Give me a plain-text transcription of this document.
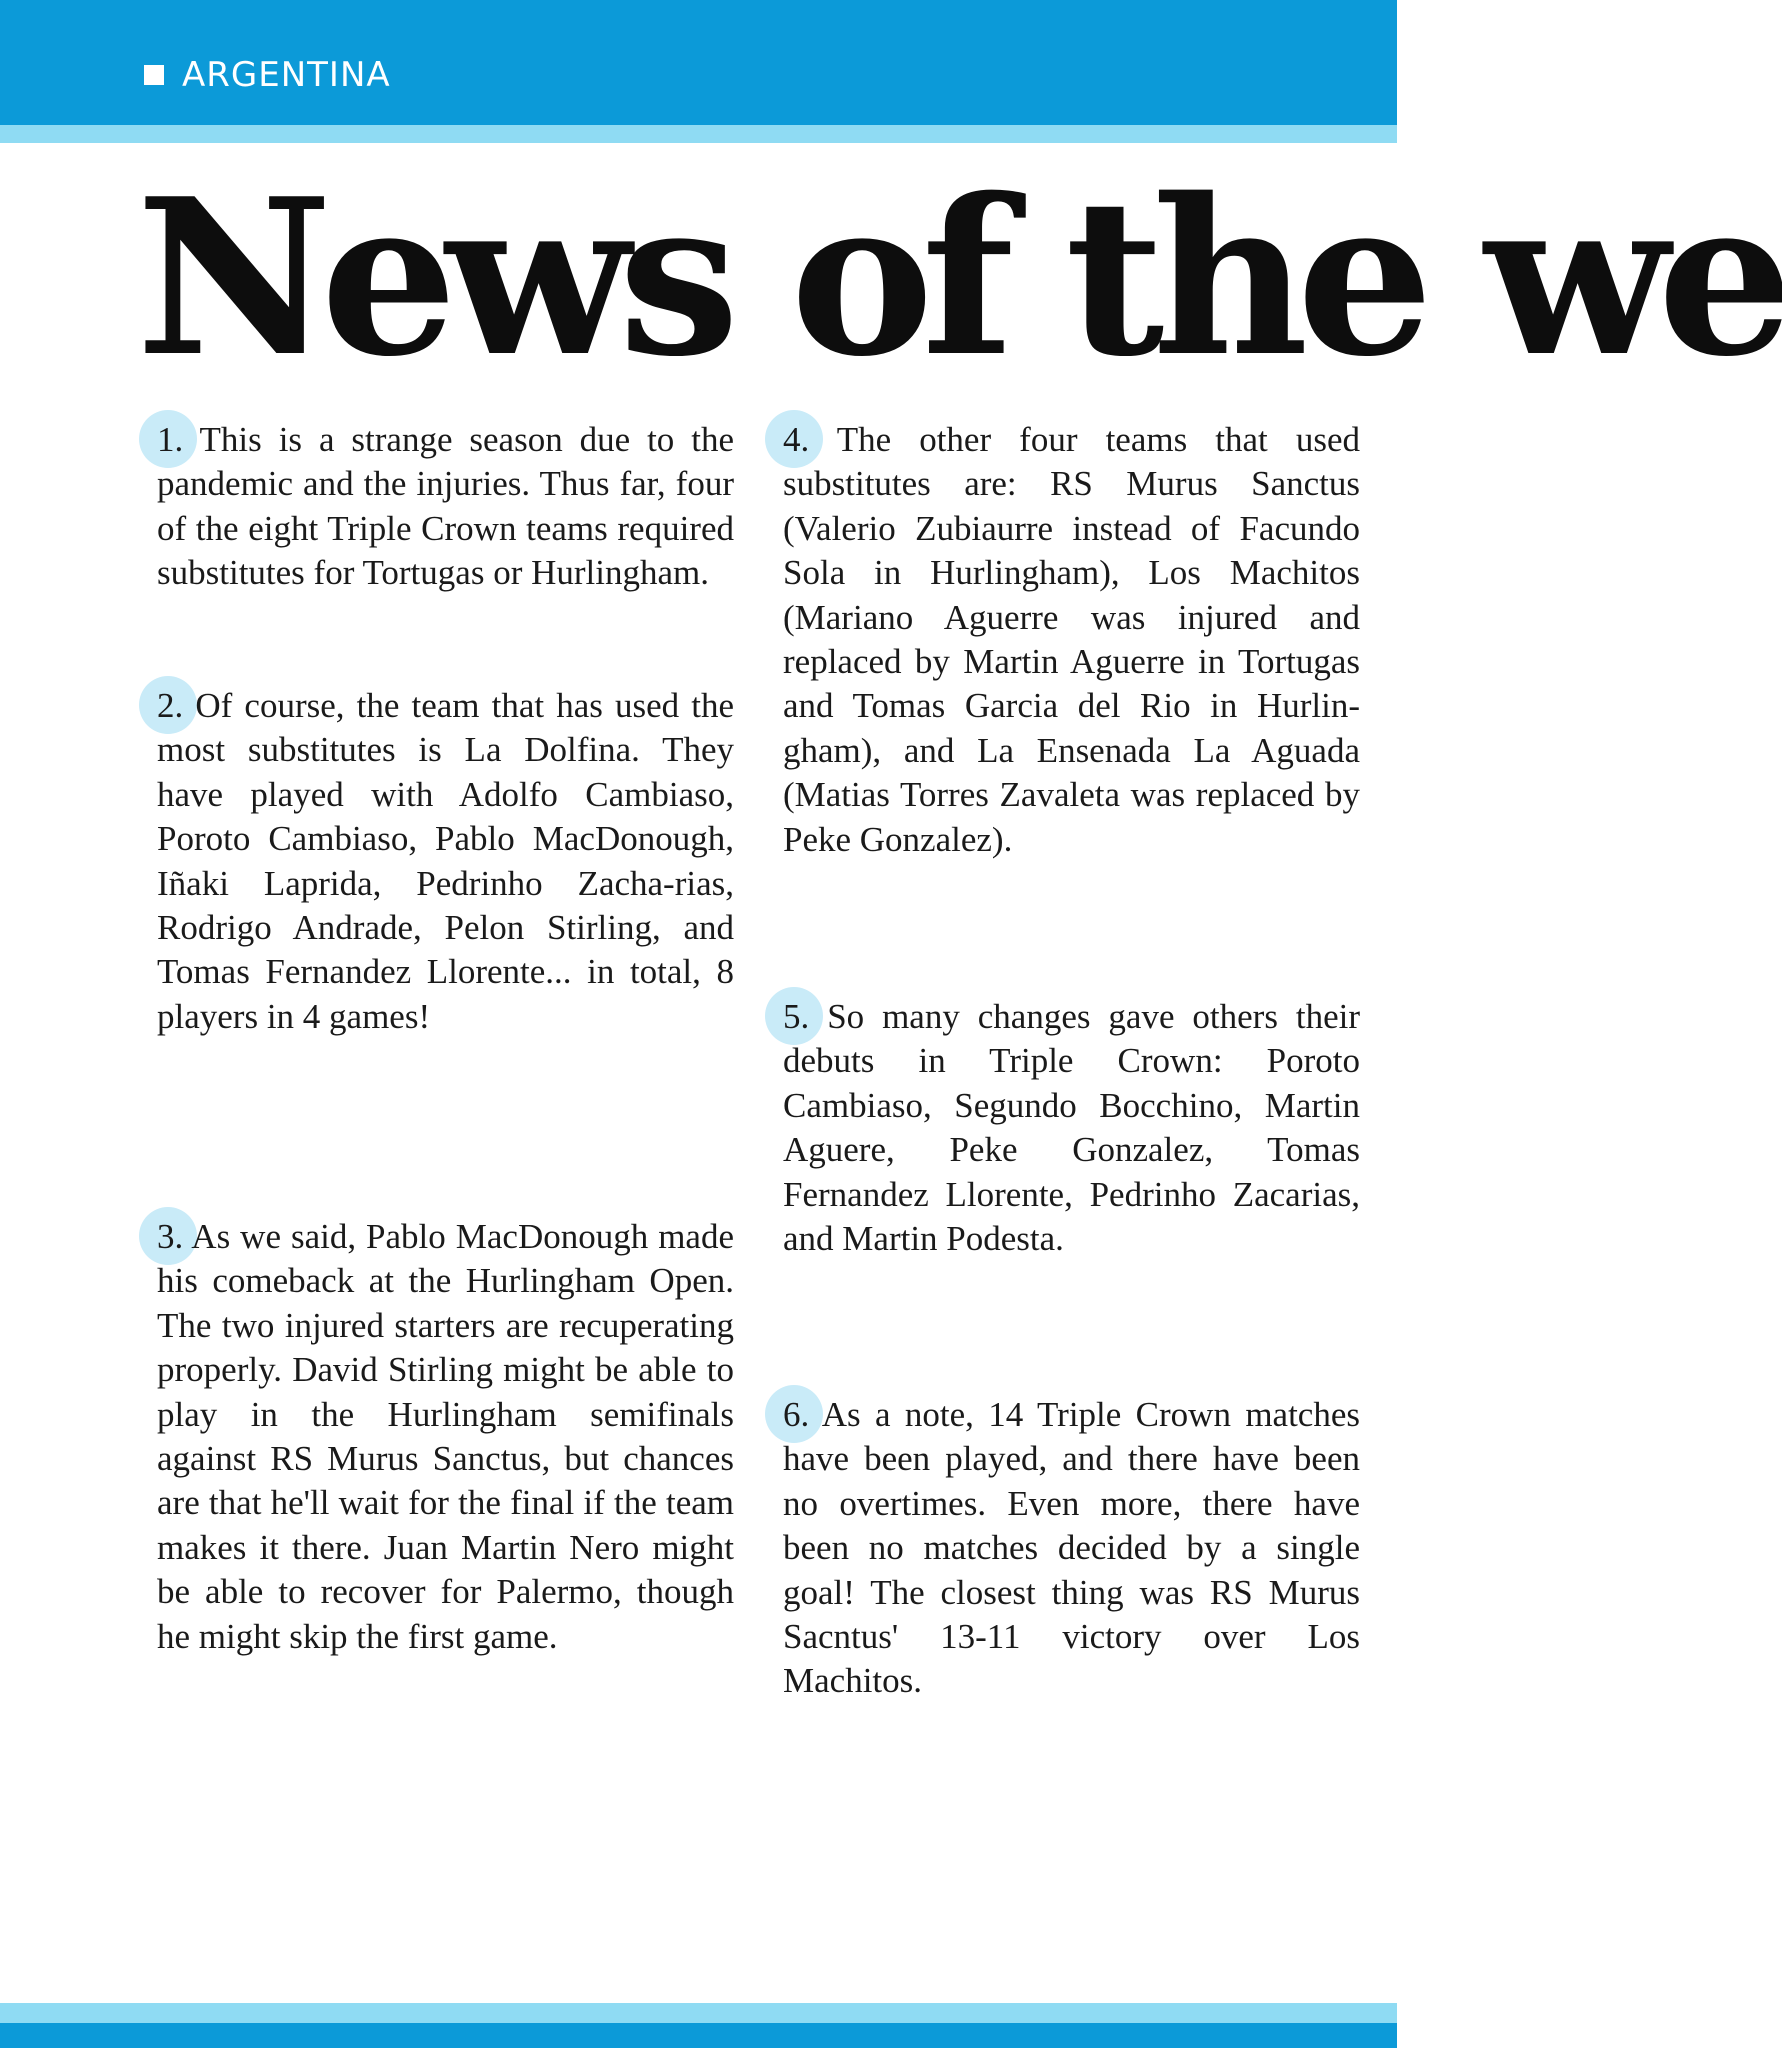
ARGENTINA
News of the we
1. This is a strange season due to the pandemic and the injuries. Thus far, four of the eight Triple Crown teams required substitutes for Tortugas or Hurlingham.
2. Of course, the team that has used the most substitutes is La Dolfina. They have played with Adolfo Cambiaso, Poroto Cambiaso, Pablo MacDonough, Iñaki Laprida, Pedrinho Zacha-rias, Rodrigo Andrade, Pelon Stirling, and Tomas Fernandez Llorente... in total, 8 players in 4 games!
3. As we said, Pablo MacDonough made his comeback at the Hurlingham Open. The two injured starters are recuperating properly. David Stirling might be able to play in the Hurlingham semifinals against RS Murus Sanctus, but chances are that he'll wait for the final if the team makes it there. Juan Martin Nero might be able to recover for Palermo, though he might skip the first game.
4. The other four teams that used substitutes are: RS Murus Sanctus (Valerio Zubiaurre instead of Facundo Sola in Hurlingham), Los Machitos (Mariano Aguerre was injured and replaced by Martin Aguerre in Tortugas and Tomas Garcia del Rio in Hurlin-gham), and La Ensenada La Aguada (Matias Torres Zavaleta was replaced by Peke Gonzalez).
5. So many changes gave others their debuts in Triple Crown: Poroto Cambiaso, Segundo Bocchino, Martin Aguere, Peke Gonzalez, Tomas Fernandez Llorente, Pedrinho Zacarias, and Martin Podesta.
6. As a note, 14 Triple Crown matches have been played, and there have been no overtimes. Even more, there have been no matches decided by a single goal! The closest thing was RS Murus Sacntus' 13-11 victory over Los Machitos.
